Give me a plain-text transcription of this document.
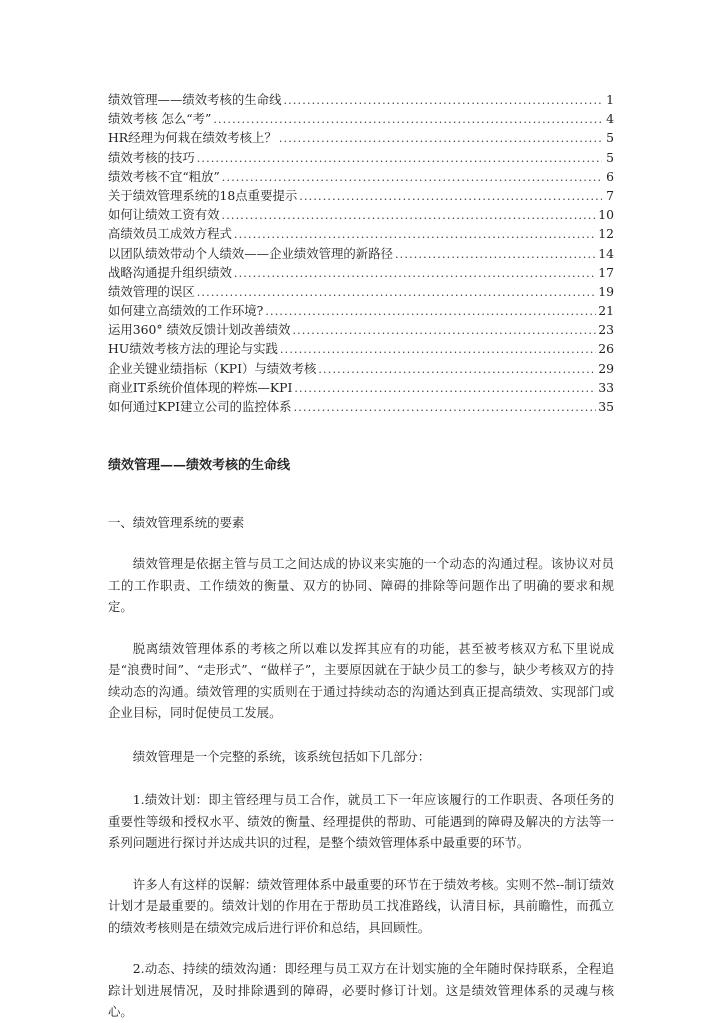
绩效管理——绩效考核的生命线 .....	1
绩效考核 怎么“考” .....	4
HR经理为何栽在绩效考核上？ .....	5
绩效考核的技巧 .....	5
绩效考核不宜“粗放” .....	6
关于绩效管理系统的18点重要提示 .....	7
如何让绩效工资有效 .....	10
高绩效员工成效方程式 .....	12
以团队绩效带动个人绩效——企业绩效管理的新路径 .....	14
战略沟通提升组织绩效 .....	17
绩效管理的误区 .....	19
如何建立高绩效的工作环境? .....	21
运用360° 绩效反馈计划改善绩效 .....	23
HU绩效考核方法的理论与实践 .....	26
企业关键业绩指标（KPI）与绩效考核 .....	29
商业IT系统价值体现的粹炼—KPI .....	33
如何通过KPI建立公司的监控体系 .....	35

绩效管理——绩效考核的生命线

一、绩效管理系统的要素

绩效管理是依据主管与员工之间达成的协议来实施的一个动态的沟通过程。该协议对员工的工作职责、工作绩效的衡量、双方的协同、障碍的排除等问题作出了明确的要求和规定。

脱离绩效管理体系的考核之所以难以发挥其应有的功能，甚至被考核双方私下里说成是“浪费时间”、“走形式”、“做样子”，主要原因就在于缺少员工的参与，缺少考核双方的持续动态的沟通。绩效管理的实质则在于通过持续动态的沟通达到真正提高绩效、实现部门或企业目标，同时促使员工发展。

绩效管理是一个完整的系统，该系统包括如下几部分：

1.绩效计划：即主管经理与员工合作，就员工下一年应该履行的工作职责、各项任务的重要性等级和授权水平、绩效的衡量、经理提供的帮助、可能遇到的障碍及解决的方法等一系列问题进行探讨并达成共识的过程，是整个绩效管理体系中最重要的环节。

许多人有这样的误解：绩效管理体系中最重要的环节在于绩效考核。实则不然--制订绩效计划才是最重要的。绩效计划的作用在于帮助员工找准路线，认清目标，具前瞻性，而孤立的绩效考核则是在绩效完成后进行评价和总结，具回顾性。

2.动态、持续的绩效沟通：即经理与员工双方在计划实施的全年随时保持联系，全程追踪计划进展情况，及时排除遇到的障碍，必要时修订计划。这是绩效管理体系的灵魂与核心。
